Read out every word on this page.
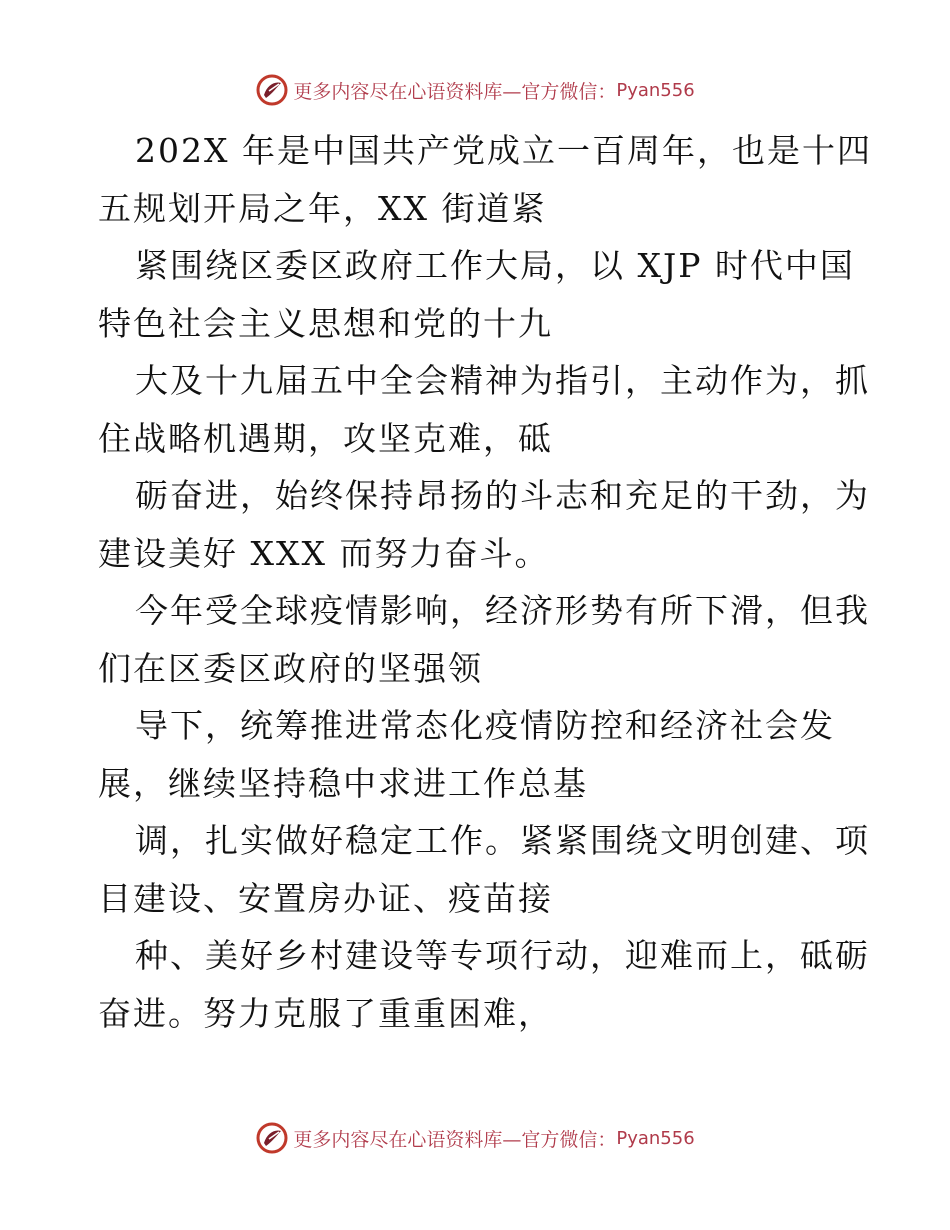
更多内容尽在心语资料库—官方微信： Pyan556
202X 年是中国共产党成立一百周年，也是十四
五规划开局之年，XX 街道紧
紧围绕区委区政府工作大局，以 XJP 时代中国
特色社会主义思想和党的十九
大及十九届五中全会精神为指引，主动作为，抓
住战略机遇期，攻坚克难，砥
砺奋进，始终保持昂扬的斗志和充足的干劲，为
建设美好 XXX 而努力奋斗。
今年受全球疫情影响，经济形势有所下滑，但我
们在区委区政府的坚强领
导下，统筹推进常态化疫情防控和经济社会发
展，继续坚持稳中求进工作总基
调，扎实做好稳定工作。紧紧围绕文明创建、项
目建设、安置房办证、疫苗接
种、美好乡村建设等专项行动，迎难而上，砥砺
奋进。努力克服了重重困难，
更多内容尽在心语资料库—官方微信： Pyan556
